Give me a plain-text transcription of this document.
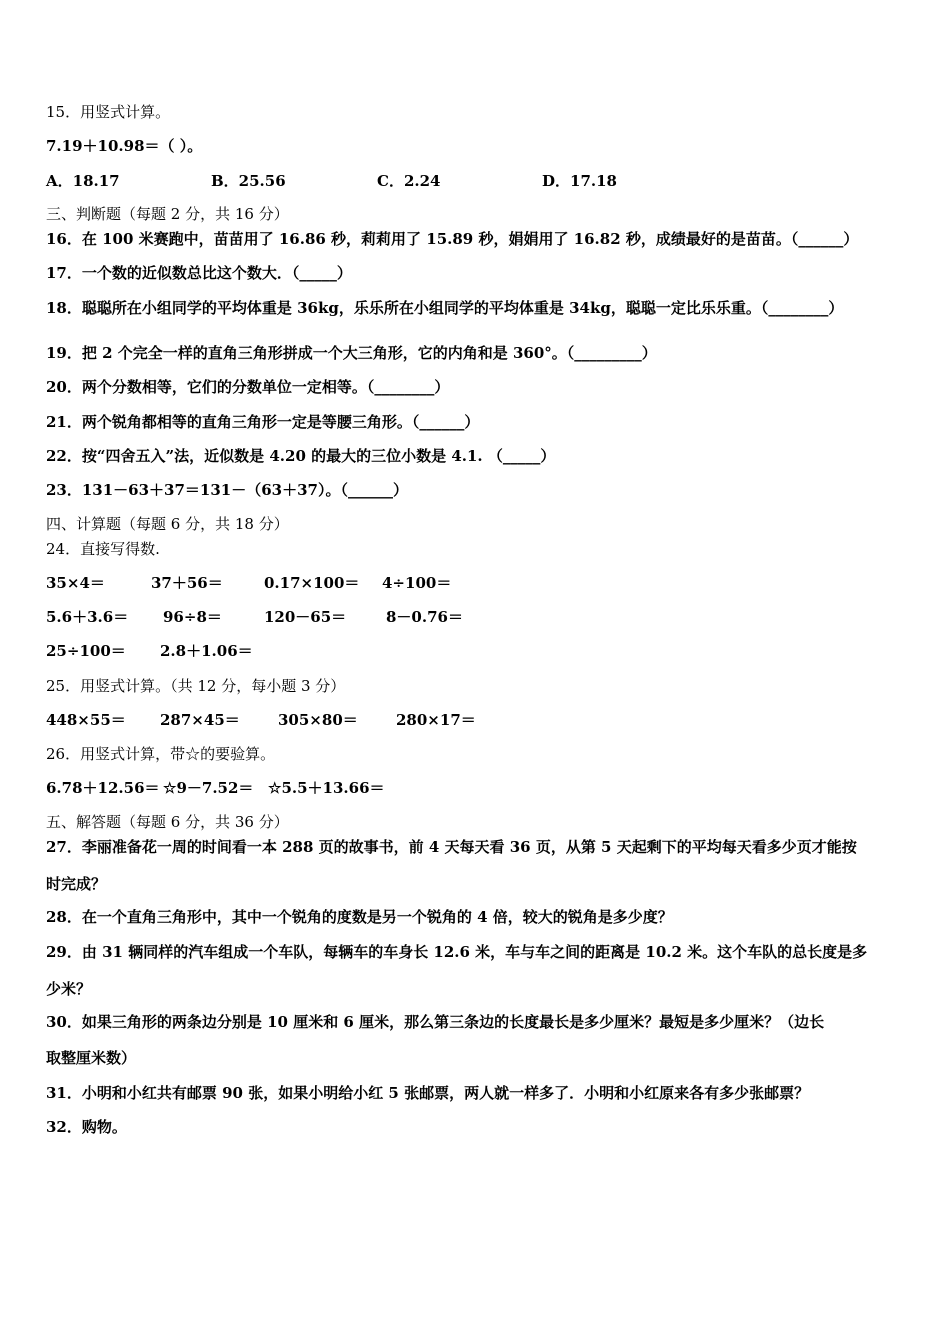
15．用竖式计算。
7.19＋10.98＝（ ）。
A．18.17	B．25.56	C．2.24	D．17.18
三、判断题（每题 2 分，共 16 分）
16．在 100 米赛跑中，苗苗用了 16.86 秒，莉莉用了 15.89 秒，娟娟用了 16.82 秒，成绩最好的是苗苗。（______）
17．一个数的近似数总比这个数大．（_____）
18．聪聪所在小组同学的平均体重是 36kg，乐乐所在小组同学的平均体重是 34kg，聪聪一定比乐乐重。（________）
19．把 2 个完全一样的直角三角形拼成一个大三角形，它的内角和是 360°。（_________）
20．两个分数相等，它们的分数单位一定相等。（________）
21．两个锐角都相等的直角三角形一定是等腰三角形。（______）
22．按“四舍五入”法，近似数是 4.20 的最大的三位小数是 4.1. （_____）
23．131－63＋37＝131－（63＋37）。（______）
四、计算题（每题 6 分，共 18 分）
24．直接写得数.
35×4＝	37＋56＝	0.17×100＝ 4÷100＝
5.6＋3.6＝ 96÷8＝	120－65＝	8－0.76＝
25÷100＝ 2.8＋1.06＝
25．用竖式计算。（共 12 分，每小题 3 分）
448×55＝ 287×45＝	305×80＝	280×17＝
26．用竖式计算，带☆的要验算。
6.78＋12.56＝ ☆9－7.52＝ ☆5.5＋13.66＝
五、解答题（每题 6 分，共 36 分）
27．李丽准备花一周的时间看一本 288 页的故事书，前 4 天每天看 36 页，从第 5 天起剩下的平均每天看多少页才能按
时完成？
28．在一个直角三角形中，其中一个锐角的度数是另一个锐角的 4 倍，较大的锐角是多少度？
29．由 31 辆同样的汽车组成一个车队，每辆车的车身长 12.6 米，车与车之间的距离是 10.2 米。这个车队的总长度是多
少米？
30．如果三角形的两条边分别是 10 厘米和 6 厘米，那么第三条边的长度最长是多少厘米？最短是多少厘米？（边长
取整厘米数）
31．小明和小红共有邮票 90 张，如果小明给小红 5 张邮票，两人就一样多了．小明和小红原来各有多少张邮票？
32．购物。
